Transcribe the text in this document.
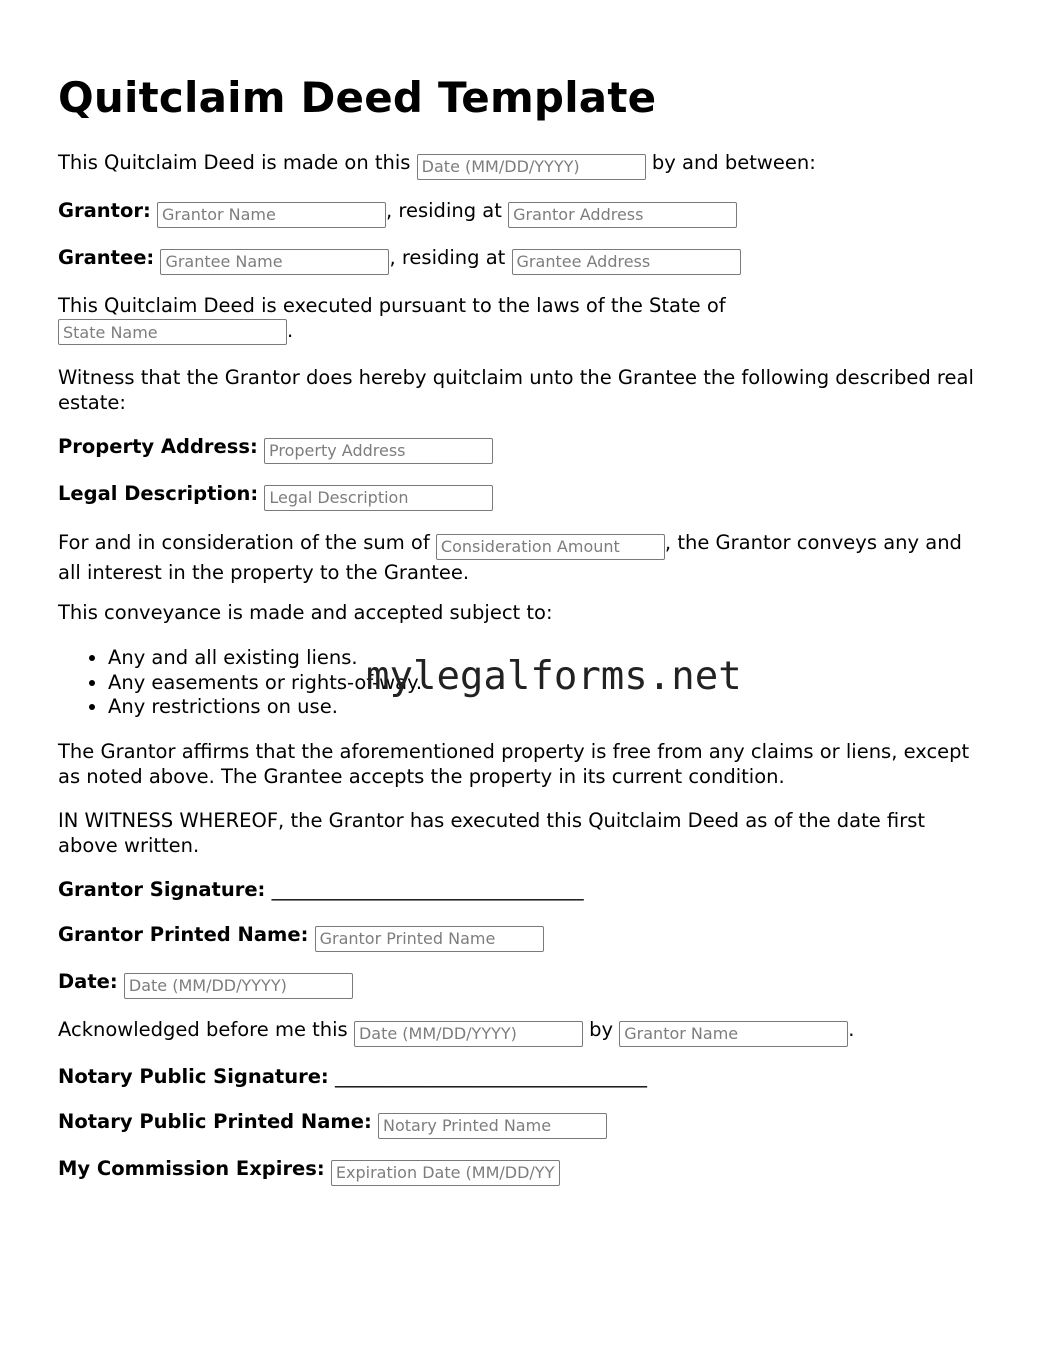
Quitclaim Deed Template
This Quitclaim Deed is made on this Date (MM/DD/YYYY)	by and between:
Grantor: Grantor Name	, residing at Grantor Address
Grantee: Grantee Name	, residing at Grantee Address
This Quitclaim Deed is executed pursuant to the laws of the State of
State Name.
Witness that the Grantor does hereby quitclaim unto the Grantee the following described real estate:
Property Address: Property Address
Legal Description: Legal Description
For and in consideration of the sum of Consideration Amount	, the Grantor conveys any and all interest in the property to the Grantee.
This conveyance is made and accepted subject to:
• Any and all existing liens.
• Any easements or rights-of-way.
• Any restrictions on use.
The Grantor affirms that the aforementioned property is free from any claims or liens, except as noted above. The Grantee accepts the property in its current condition.
IN WITNESS WHEREOF, the Grantor has executed this Quitclaim Deed as of the date first above written.
Grantor Signature: ________________________________
Grantor Printed Name: Grantor Printed Name
Date: Date (MM/DD/YYYY)
Acknowledged before me this Date (MM/DD/YYYY)	by Grantor Name	.
Notary Public Signature: ________________________________
Notary Public Printed Name: Notary Printed Name
My Commission Expires: Expiration Date (MM/DD/YYYY)
mylegalforms.net
